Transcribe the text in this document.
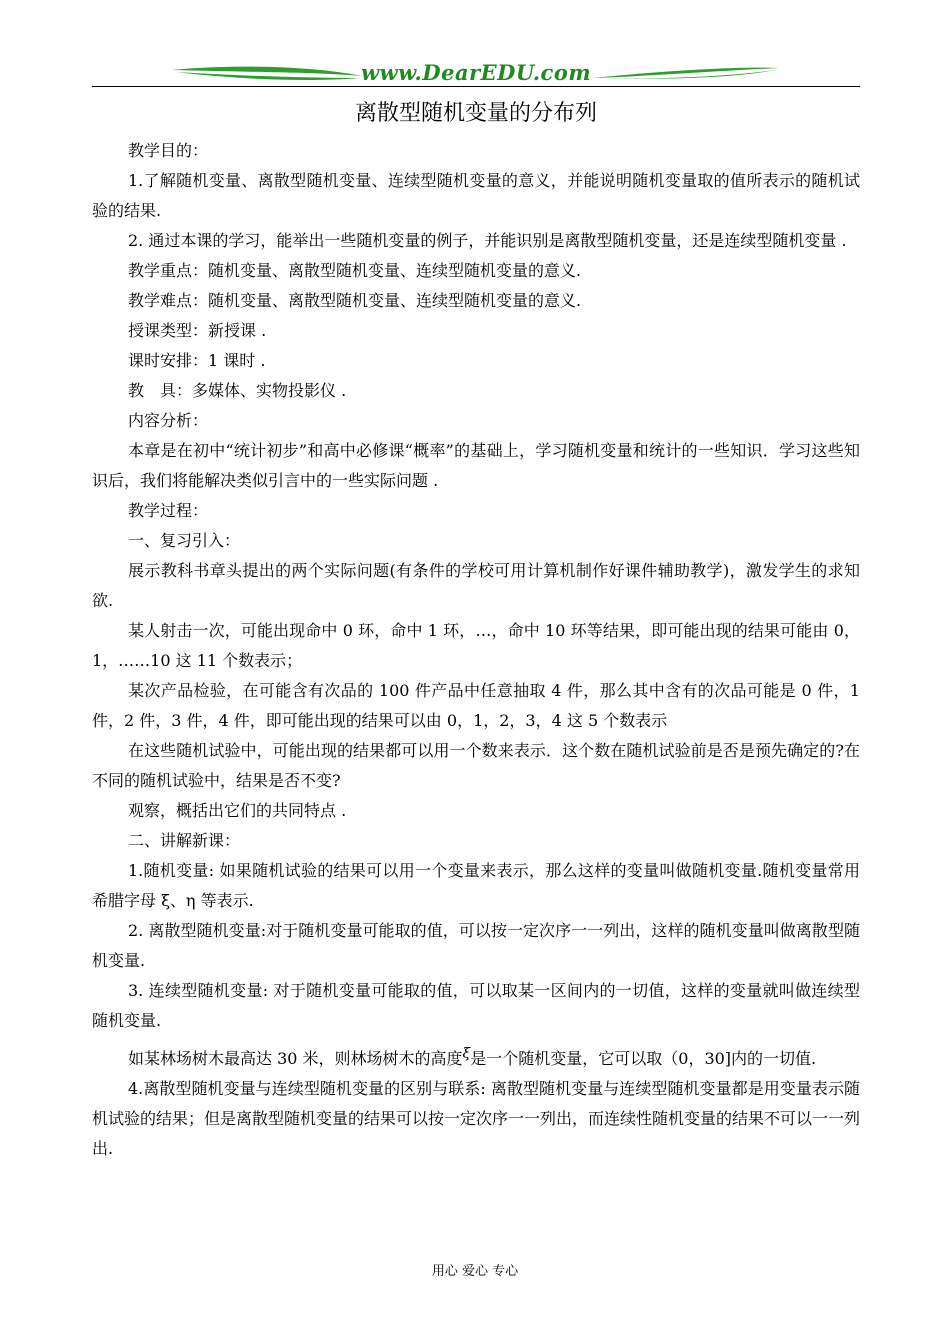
www.DearEDU.com
离散型随机变量的分布列

教学目的：

1.了解随机变量、离散型随机变量、连续型随机变量的意义，并能说明随机变量取的值所表示的随机试验的结果.

2. 通过本课的学习，能举出一些随机变量的例子，并能识别是离散型随机变量，还是连续型随机变量 .

教学重点：随机变量、离散型随机变量、连续型随机变量的意义.

教学难点：随机变量、离散型随机变量、连续型随机变量的意义.

授课类型：新授课 .

课时安排：1 课时 .

教　具：多媒体、实物投影仪 .

内容分析：

本章是在初中“统计初步”和高中必修课“概率”的基础上，学习随机变量和统计的一些知识．学习这些知识后，我们将能解决类似引言中的一些实际问题 .

教学过程：

一、复习引入：

展示教科书章头提出的两个实际问题(有条件的学校可用计算机制作好课件辅助教学)，激发学生的求知欲.

某人射击一次，可能出现命中 0 环，命中 1 环，…，命中 10 环等结果，即可能出现的结果可能由 0，1，……10 这 11 个数表示；

某次产品检验，在可能含有次品的 100 件产品中任意抽取 4 件，那么其中含有的次品可能是 0 件，1 件，2 件，3 件，4 件，即可能出现的结果可以由 0，1，2，3，4 这 5 个数表示

在这些随机试验中，可能出现的结果都可以用一个数来表示．这个数在随机试验前是否是预先确定的?在不同的随机试验中，结果是否不变?

观察，概括出它们的共同特点 .

二、讲解新课：

1.随机变量: 如果随机试验的结果可以用一个变量来表示，那么这样的变量叫做随机变量.随机变量常用希腊字母 ξ、η 等表示.

2. 离散型随机变量:对于随机变量可能取的值，可以按一定次序一一列出，这样的随机变量叫做离散型随机变量.

3. 连续型随机变量: 对于随机变量可能取的值，可以取某一区间内的一切值，这样的变量就叫做连续型随机变量.

如某林场树木最高达 30 米，则林场树木的高度ξ是一个随机变量，它可以取（0，30]内的一切值.

4.离散型随机变量与连续型随机变量的区别与联系: 离散型随机变量与连续型随机变量都是用变量表示随机试验的结果；但是离散型随机变量的结果可以按一定次序一一列出，而连续性随机变量的结果不可以一一列出.

用心 爱心 专心
